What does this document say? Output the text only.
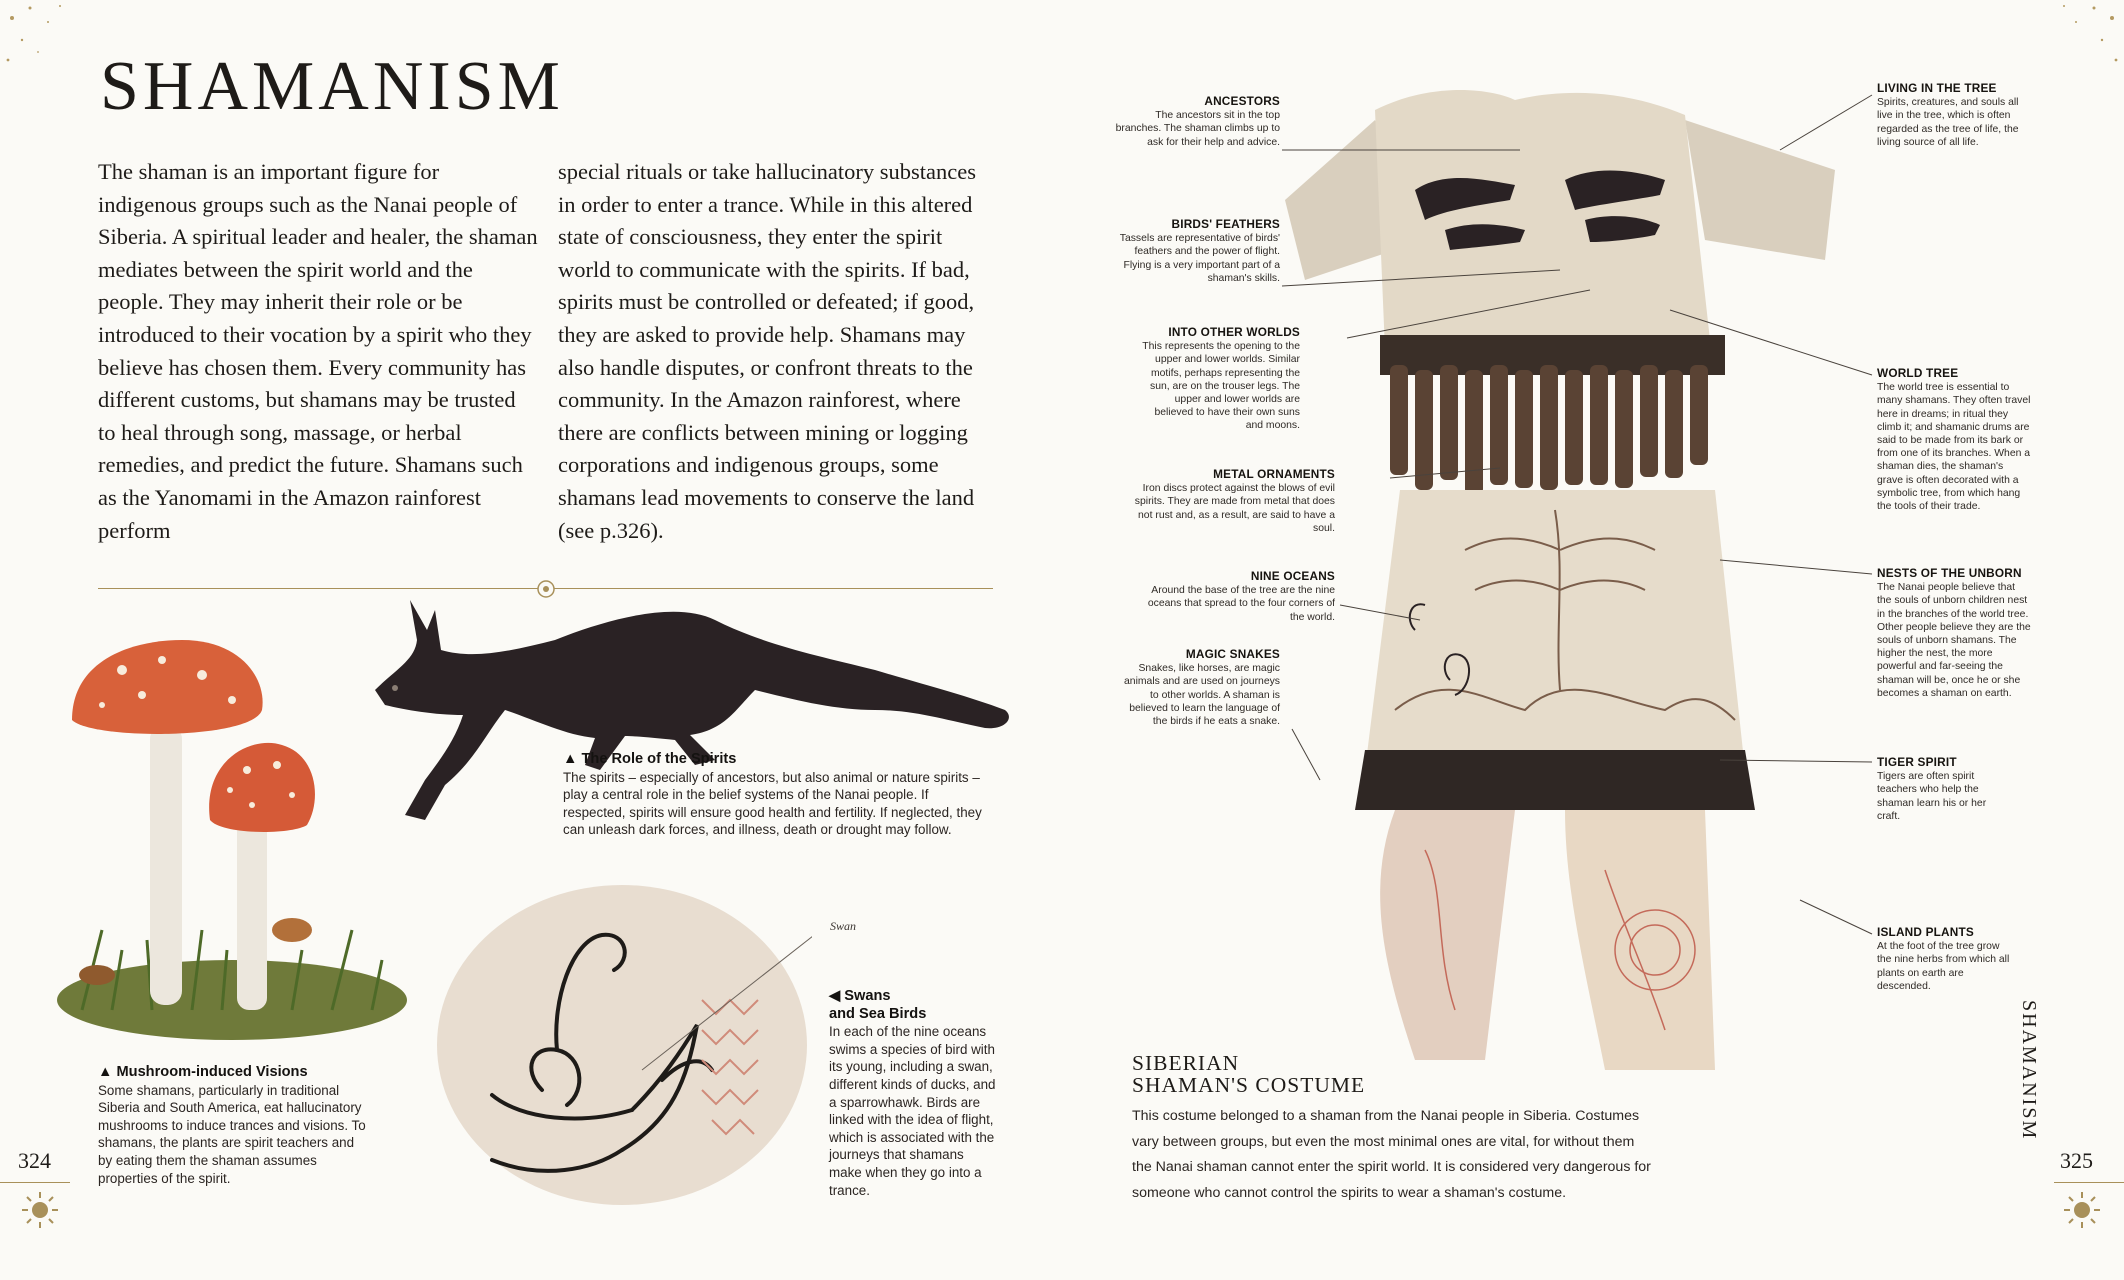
SHAMANISM

The shaman is an important figure for indigenous groups such as the Nanai people of Siberia. A spiritual leader and healer, the shaman mediates between the spirit world and the people. They may inherit their role or be introduced to their vocation by a spirit who they believe has chosen them. Every community has different customs, but shamans may be trusted to heal through song, massage, or herbal remedies, and predict the future. Shamans such as the Yanomami in the Amazon rainforest perform

special rituals or take hallucinatory substances in order to enter a trance. While in this altered state of consciousness, they enter the spirit world to communicate with the spirits. If bad, spirits must be controlled or defeated; if good, they are asked to provide help. Shamans may also handle disputes, or confront threats to the community. In the Amazon rainforest, where there are conflicts between mining or logging corporations and indigenous groups, some shamans lead movements to conserve the land (see p.326).

▲ The Role of the Spirits
The spirits – especially of ancestors, but also animal or nature spirits – play a central role in the belief systems of the Nanai people. If respected, spirits will ensure good health and fertility. If neglected, they can unleash dark forces, and illness, death or drought may follow.
▲ Mushroom-induced Visions
Some shamans, particularly in traditional Siberia and South America, eat hallucinatory mushrooms to induce trances and visions. To shamans, the plants are spirit teachers and by eating them the shaman assumes properties of the spirit.
Swan
◀ Swans
and Sea Birds
In each of the nine oceans swims a species of bird with its young, including a swan, different kinds of ducks, and a sparrowhawk. Birds are linked with the idea of flight, which is associated with the journeys that shamans make when they go into a trance.
324
ANCESTORS
The ancestors sit in the top branches. The shaman climbs up to ask for their help and advice.
BIRDS' FEATHERS
Tassels are representative of birds' feathers and the power of flight. Flying is a very important part of a shaman's skills.
INTO OTHER WORLDS
This represents the opening to the upper and lower worlds. Similar motifs, perhaps representing the sun, are on the trouser legs. The upper and lower worlds are believed to have their own suns and moons.
METAL ORNAMENTS
Iron discs protect against the blows of evil spirits. They are made from metal that does not rust and, as a result, are said to have a soul.
NINE OCEANS
Around the base of the tree are the nine oceans that spread to the four corners of the world.
MAGIC SNAKES
Snakes, like horses, are magic animals and are used on journeys to other worlds. A shaman is believed to learn the language of the birds if he eats a snake.
LIVING IN THE TREE
Spirits, creatures, and souls all live in the tree, which is often regarded as the tree of life, the living source of all life.
WORLD TREE
The world tree is essential to many shamans. They often travel here in dreams; in ritual they climb it; and shamanic drums are said to be made from its bark or from one of its branches. When a shaman dies, the shaman's grave is often decorated with a symbolic tree, from which hang the tools of their trade.
NESTS OF THE UNBORN
The Nanai people believe that the souls of unborn children nest in the branches of the world tree. Other people believe they are the souls of unborn shamans. The higher the nest, the more powerful and far-seeing the shaman will be, once he or she becomes a shaman on earth.
TIGER SPIRIT
Tigers are often spirit teachers who help the shaman learn his or her craft.
ISLAND PLANTS
At the foot of the tree grow the nine herbs from which all plants on earth are descended.
SIBERIAN
SHAMAN'S COSTUME
This costume belonged to a shaman from the Nanai people in Siberia. Costumes vary between groups, but even the most minimal ones are vital, for without them the Nanai shaman cannot enter the spirit world. It is considered very dangerous for someone who cannot control the spirits to wear a shaman's costume.
SHAMANISM
325
